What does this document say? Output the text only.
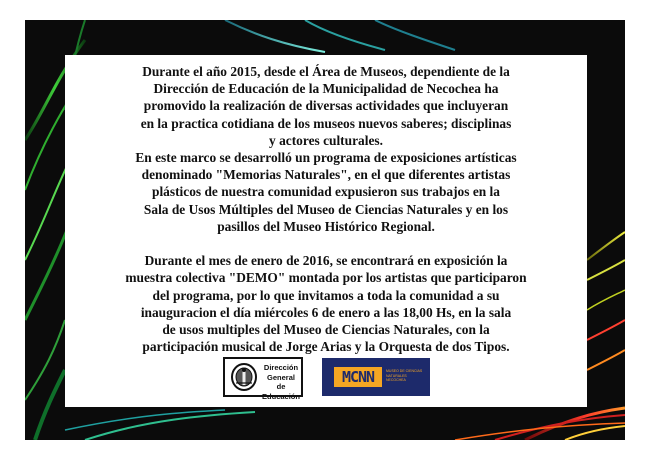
Durante el año 2015, desde el Área de Museos, dependiente de la
Dirección de Educación de la Municipalidad de Necochea ha
promovido la realización de diversas actividades que incluyeran
en la practica cotidiana de los museos nuevos saberes; disciplinas
y actores culturales.
En este marco se desarrolló un programa de exposiciones artísticas
denominado "Memorias Naturales", en el que diferentes artistas
plásticos de nuestra comunidad expusieron sus trabajos en la
Sala de Usos Múltiples del Museo de Ciencias Naturales y en los
pasillos del Museo Histórico Regional.
Durante el mes de enero de 2016, se encontrará en exposición la
muestra colectiva "DEMO" montada por los artistas que participaron
del programa, por lo que invitamos a toda la comunidad a su
inauguracion el día miércoles 6 de enero a las 18,00 Hs, en la sala
de usos multiples del Museo de Ciencias Naturales, con la
participación musical de Jorge Arias y la Orquesta de dos Tipos.
Dirección
General
de Educación
MCNN	MUSEO DE CIENCIAS NATURALES NECOCHEA
